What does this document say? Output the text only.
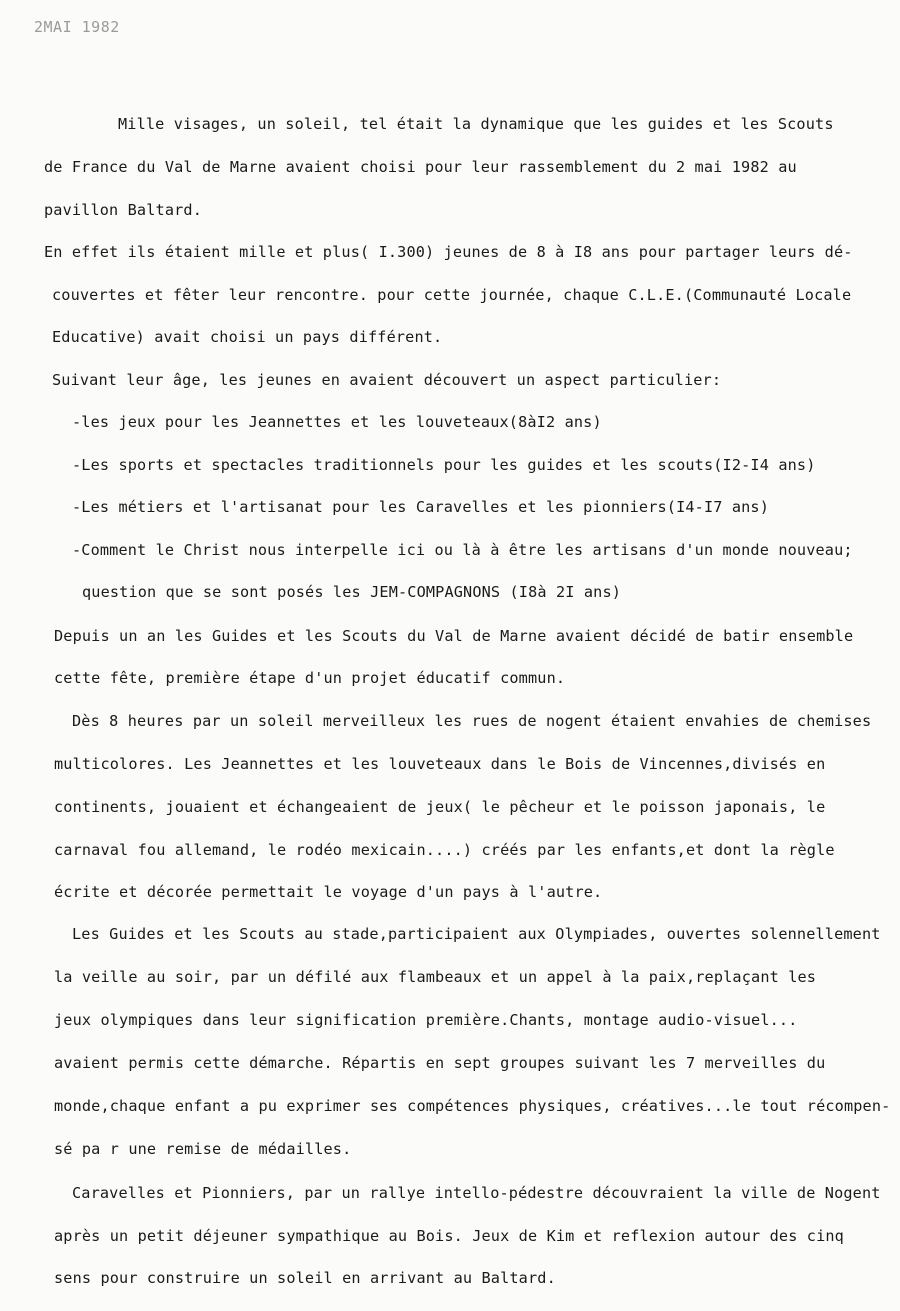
2MAI 1982
Mille visages, un soleil, tel était la dynamique que les guides et les Scouts
de France du Val de Marne avaient choisi pour leur rassemblement du 2 mai 1982 au
pavillon Baltard.
En effet ils étaient mille et plus( I.300) jeunes de 8 à I8 ans pour partager leurs dé-
couvertes et fêter leur rencontre. pour cette journée, chaque C.L.E.(Communauté Locale
Educative) avait choisi un pays différent.
Suivant leur âge, les jeunes en avaient découvert un aspect particulier:
-les jeux pour les Jeannettes et les louveteaux(8àI2 ans)
-Les sports et spectacles traditionnels pour les guides et les scouts(I2-I4 ans)
-Les métiers et l'artisanat pour les Caravelles et les pionniers(I4-I7 ans)
-Comment le Christ nous interpelle ici ou là à être les artisans d'un monde nouveau;
question que se sont posés les JEM-COMPAGNONS (I8à 2I ans)
Depuis un an les Guides et les Scouts du Val de Marne avaient décidé de batir ensemble
cette fête, première étape d'un projet éducatif commun.
Dès 8 heures par un soleil merveilleux les rues de nogent étaient envahies de chemises
multicolores. Les Jeannettes et les louveteaux dans le Bois de Vincennes,divisés en
continents, jouaient et échangeaient de jeux( le pêcheur et le poisson japonais, le
carnaval fou allemand, le rodéo mexicain....) créés par les enfants,et dont la règle
écrite et décorée permettait le voyage d'un pays à l'autre.
Les Guides et les Scouts au stade,participaient aux Olympiades, ouvertes solennellement
la veille au soir, par un défilé aux flambeaux et un appel à la paix,replaçant les
jeux olympiques dans leur signification première.Chants, montage audio-visuel...
avaient permis cette démarche. Répartis en sept groupes suivant les 7 merveilles du
monde,chaque enfant a pu exprimer ses compétences physiques, créatives...le tout récompen-
sé pa r une remise de médailles.
Caravelles et Pionniers, par un rallye intello-pédestre découvraient la ville de Nogent
après un petit déjeuner sympathique au Bois. Jeux de Kim et reflexion autour des cinq
sens pour construire un soleil en arrivant au Baltard.
